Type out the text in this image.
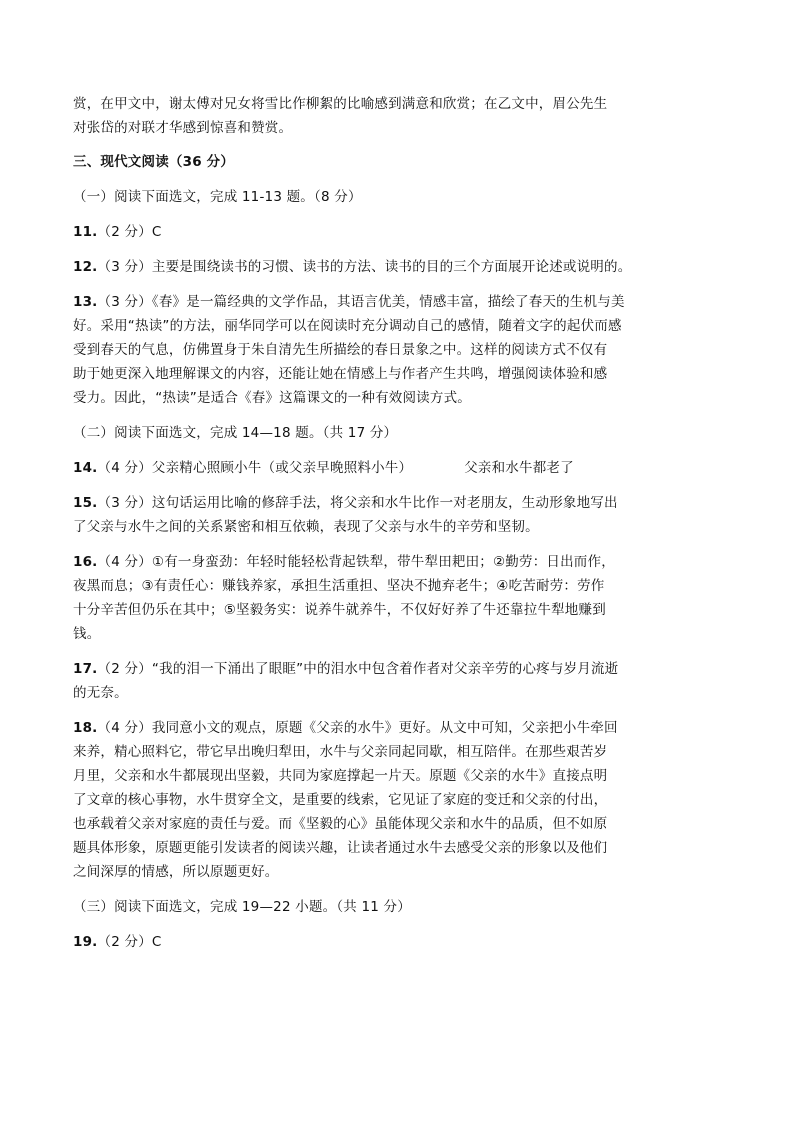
赏，在甲文中，谢太傅对兄女将雪比作柳絮的比喻感到满意和欣赏；在乙文中，眉公先生
对张岱的对联才华感到惊喜和赞赏。

三、现代文阅读（36 分）

（一）阅读下面选文，完成 11-13 题。（8 分）

11.（2 分）C

12.（3 分）主要是围绕读书的习惯、读书的方法、读书的目的三个方面展开论述或说明的。

13.（3 分）《春》是一篇经典的文学作品，其语言优美，情感丰富，描绘了春天的生机与美
好。采用“热读”的方法，丽华同学可以在阅读时充分调动自己的感情，随着文字的起伏而感
受到春天的气息，仿佛置身于朱自清先生所描绘的春日景象之中。这样的阅读方式不仅有
助于她更深入地理解课文的内容，还能让她在情感上与作者产生共鸣，增强阅读体验和感
受力。因此，“热读”是适合《春》这篇课文的一种有效阅读方式。

（二）阅读下面选文，完成 14—18 题。（共 17 分）

14.（4 分）父亲精心照顾小牛（或父亲早晚照料小牛）	父亲和水牛都老了

15.（3 分）这句话运用比喻的修辞手法，将父亲和水牛比作一对老朋友，生动形象地写出
了父亲与水牛之间的关系紧密和相互依赖，表现了父亲与水牛的辛劳和坚韧。

16.（4 分）①有一身蛮劲：年轻时能轻松背起铁犁，带牛犁田耙田；②勤劳：日出而作，
夜黑而息；③有责任心：赚钱养家，承担生活重担、坚决不抛弃老牛；④吃苦耐劳：劳作
十分辛苦但仍乐在其中；⑤坚毅务实：说养牛就养牛，不仅好好养了牛还靠拉牛犁地赚到
钱。

17.（2 分）“我的泪一下涌出了眼眶”中的泪水中包含着作者对父亲辛劳的心疼与岁月流逝
的无奈。

18.（4 分）我同意小文的观点，原题《父亲的水牛》更好。从文中可知，父亲把小牛牵回
来养，精心照料它，带它早出晚归犁田，水牛与父亲同起同歇，相互陪伴。在那些艰苦岁
月里，父亲和水牛都展现出坚毅，共同为家庭撑起一片天。原题《父亲的水牛》直接点明
了文章的核心事物，水牛贯穿全文，是重要的线索，它见证了家庭的变迁和父亲的付出，
也承载着父亲对家庭的责任与爱。而《坚毅的心》虽能体现父亲和水牛的品质，但不如原
题具体形象，原题更能引发读者的阅读兴趣，让读者通过水牛去感受父亲的形象以及他们
之间深厚的情感，所以原题更好。

（三）阅读下面选文，完成 19—22 小题。（共 11 分）

19.（2 分）C
